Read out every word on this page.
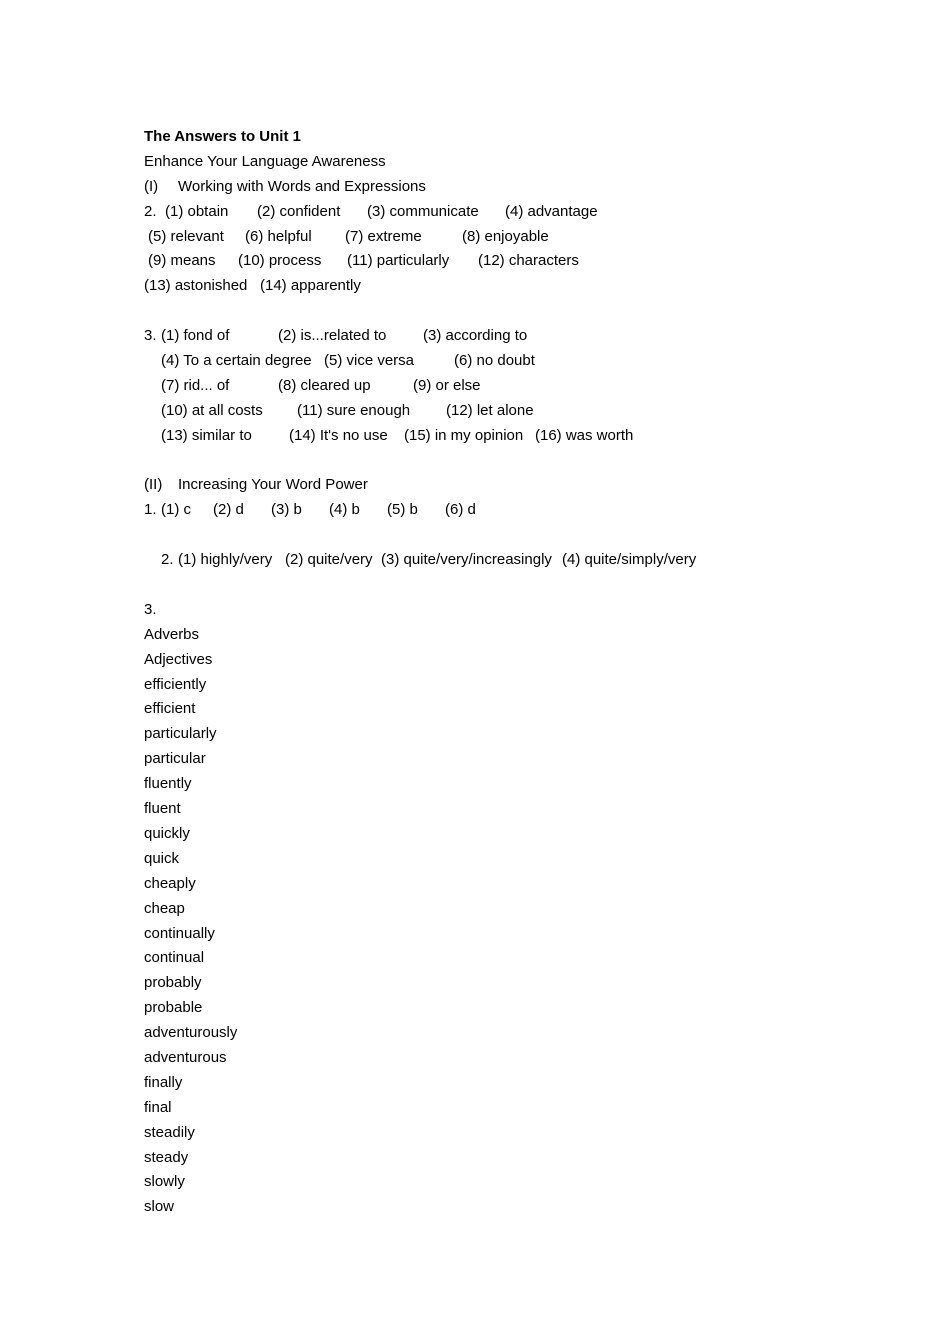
The Answers to Unit 1
Enhance Your Language Awareness
(I) Working with Words and Expressions
2. (1) obtain	(2) confident	(3) communicate	(4) advantage
(5) relevant	(6) helpful	(7) extreme	(8) enjoyable
(9) means	(10) process	(11) particularly	(12) characters
(13) astonished (14) apparently
3. (1) fond of	(2) is...related to	(3) according to
(4) To a certain degree (5) vice versa	(6) no doubt
(7) rid... of	(8) cleared up	(9) or else
(10) at all costs	(11) sure enough	(12) let alone
(13) similar to	(14) It's no use	(15) in my opinion (16) was worth
(II) Increasing Your Word Power
1. (1) c	(2) d	(3) b	(4) b	(5) b	(6) d
2. (1) highly/very (2) quite/very (3) quite/very/increasingly (4) quite/simply/very
3.
Adverbs
Adjectives
efficiently
efficient
particularly
particular
fluently
fluent
quickly
quick
cheaply
cheap
continually
continual
probably
probable
adventurously
adventurous
finally
final
steadily
steady
slowly
slow
